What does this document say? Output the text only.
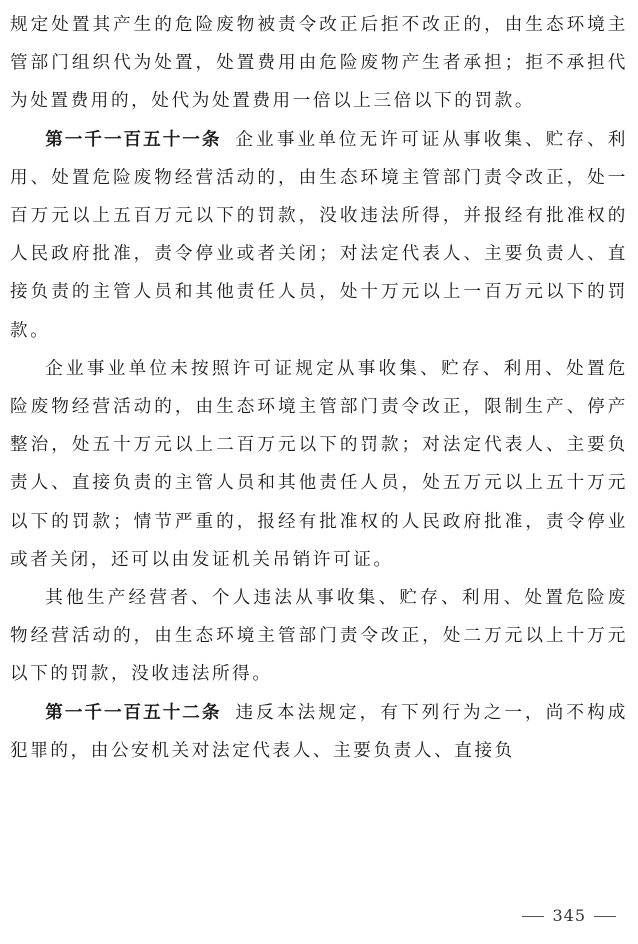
规定处置其产生的危险废物被责令改正后拒不改正的，由生态环境主管部门组织代为处置，处置费用由危险废物产生者承担；拒不承担代为处置费用的，处代为处置费用一倍以上三倍以下的罚款。

第一千一百五十一条 企业事业单位无许可证从事收集、贮存、利用、处置危险废物经营活动的，由生态环境主管部门责令改正，处一百万元以上五百万元以下的罚款，没收违法所得，并报经有批准权的人民政府批准，责令停业或者关闭；对法定代表人、主要负责人、直接负责的主管人员和其他责任人员，处十万元以上一百万元以下的罚款。

企业事业单位未按照许可证规定从事收集、贮存、利用、处置危险废物经营活动的，由生态环境主管部门责令改正，限制生产、停产整治，处五十万元以上二百万元以下的罚款；对法定代表人、主要负责人、直接负责的主管人员和其他责任人员，处五万元以上五十万元以下的罚款；情节严重的，报经有批准权的人民政府批准，责令停业或者关闭，还可以由发证机关吊销许可证。

其他生产经营者、个人违法从事收集、贮存、利用、处置危险废物经营活动的，由生态环境主管部门责令改正，处二万元以上十万元以下的罚款，没收违法所得。

第一千一百五十二条 违反本法规定，有下列行为之一，尚不构成犯罪的，由公安机关对法定代表人、主要负责人、直接负

345
